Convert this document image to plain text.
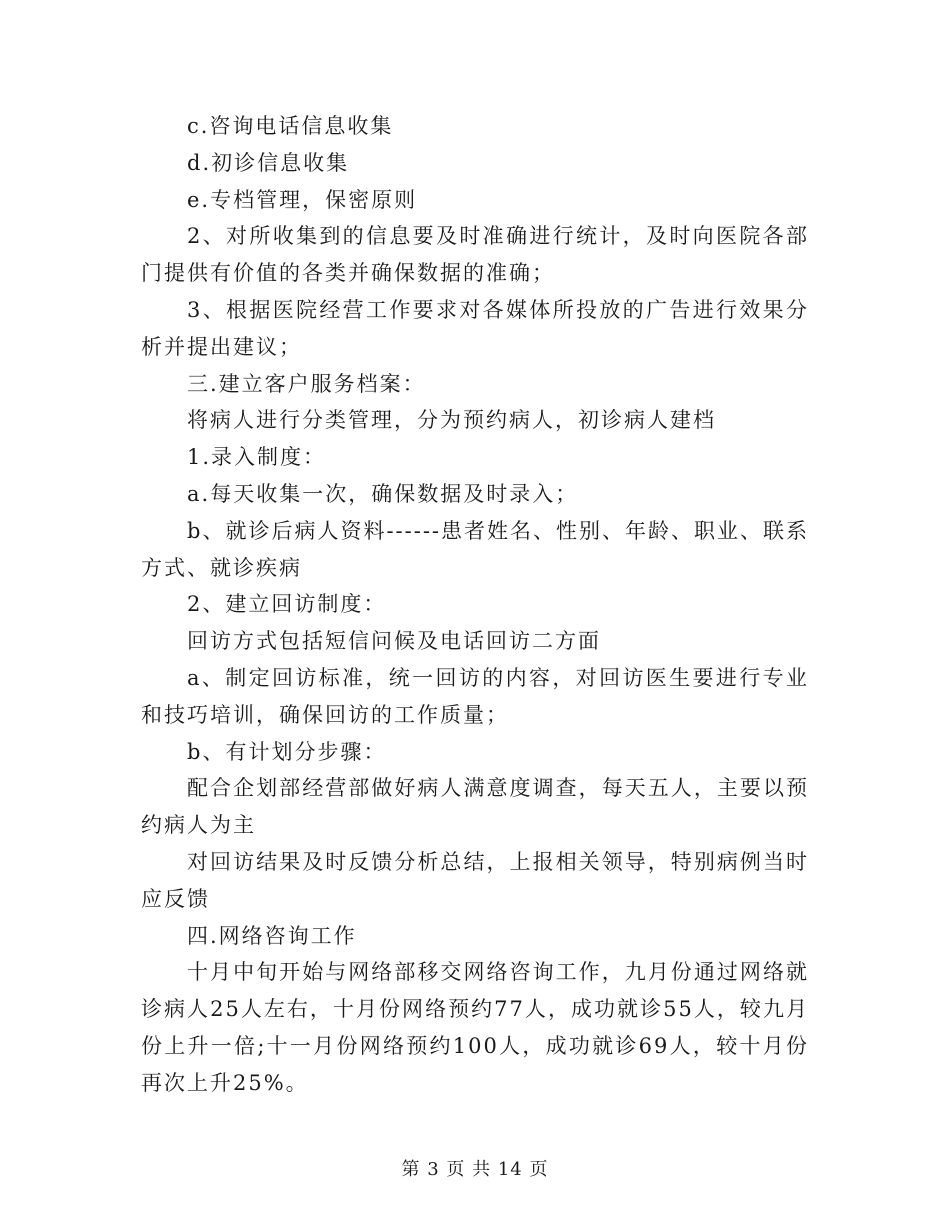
c.咨询电话信息收集

d.初诊信息收集

e.专档管理，保密原则

2、对所收集到的信息要及时准确进行统计，及时向医院各部门提供有价值的各类并确保数据的准确；

3、根据医院经营工作要求对各媒体所投放的广告进行效果分析并提出建议；

三.建立客户服务档案：

将病人进行分类管理，分为预约病人，初诊病人建档

1.录入制度：

a.每天收集一次，确保数据及时录入；

b、就诊后病人资料------患者姓名、性别、年龄、职业、联系方式、就诊疾病

2、建立回访制度：

回访方式包括短信问候及电话回访二方面

a、制定回访标准，统一回访的内容，对回访医生要进行专业和技巧培训，确保回访的工作质量；

b、有计划分步骤：

配合企划部经营部做好病人满意度调查，每天五人，主要以预约病人为主

对回访结果及时反馈分析总结，上报相关领导，特别病例当时应反馈

四.网络咨询工作

十月中旬开始与网络部移交网络咨询工作，九月份通过网络就诊病人25人左右，十月份网络预约77人，成功就诊55人，较九月份上升一倍;十一月份网络预约100人，成功就诊69人，较十月份再次上升25%。

第 3 页 共 14 页
